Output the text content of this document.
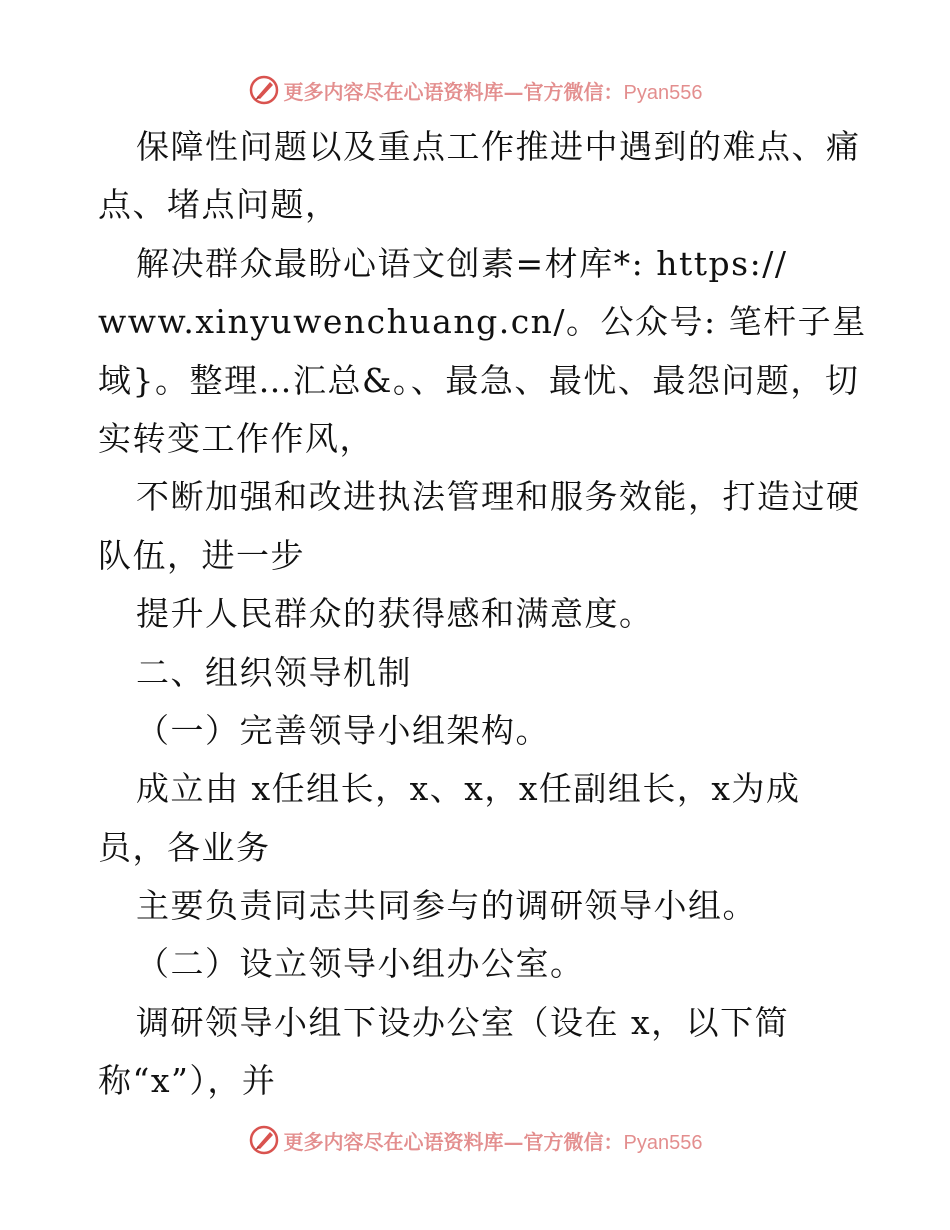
更多内容尽在心语资料库—官方微信：Pyan556
保障性问题以及重点工作推进中遇到的难点、痛
点、堵点问题，
解决群众最盼心语文创素=材库*: https://
www.xinyuwenchuang.cn/。公众号: 笔杆子星
域}。整理…汇总&。、最急、最忧、最怨问题，切
实转变工作作风，
不断加强和改进执法管理和服务效能，打造过硬
队伍，进一步
提升人民群众的获得感和满意度。
二、组织领导机制
（一）完善领导小组架构。
成立由 x任组长，x、x，x任副组长，x为成
员，各业务
主要负责同志共同参与的调研领导小组。
（二）设立领导小组办公室。
调研领导小组下设办公室（设在 x，以下简
称“x”），并
更多内容尽在心语资料库—官方微信：Pyan556
